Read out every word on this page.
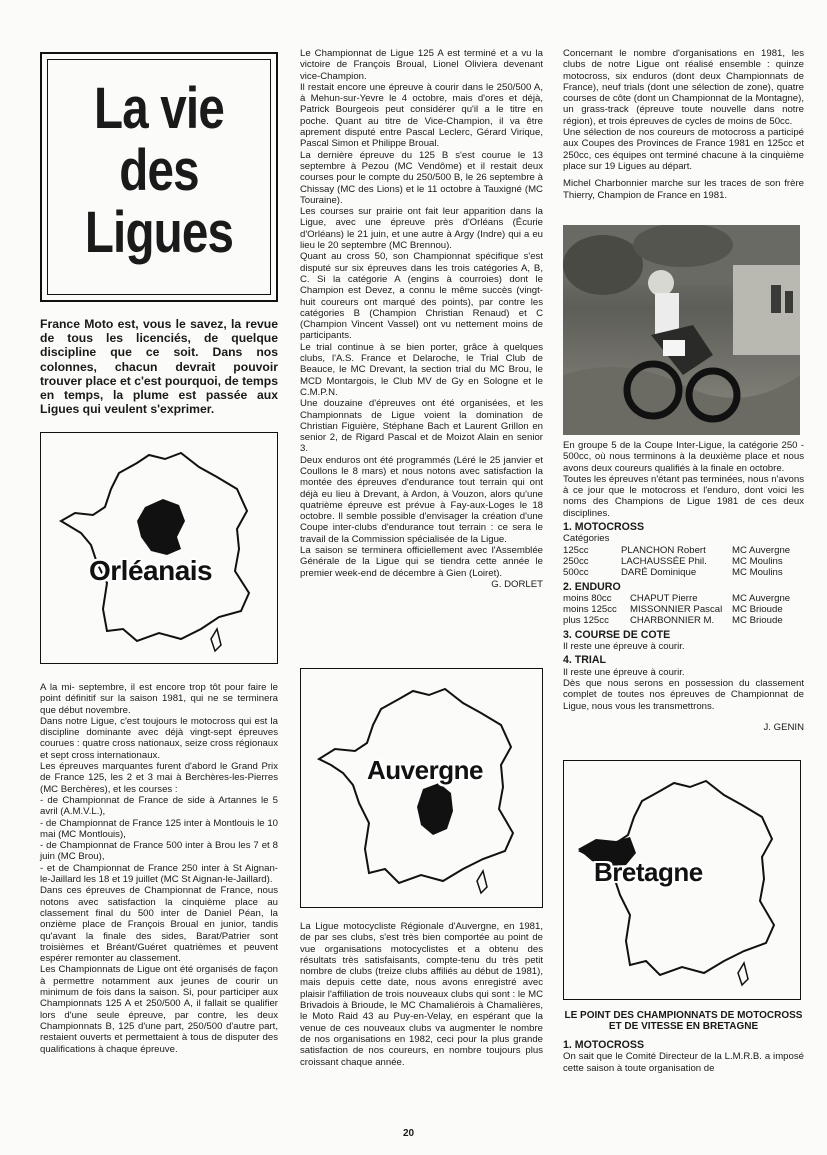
La vie
des
Ligues
France Moto est, vous le savez, la revue de tous les licenciés, de quelque discipline que ce soit. Dans nos colonnes, chacun devrait pouvoir trouver place et c'est pourquoi, de temps en temps, la plume est passée aux Ligues qui veulent s'exprimer.
Orléanais

A la mi- septembre, il est encore trop tôt pour faire le point définitif sur la saison 1981, qui ne se terminera que début novembre.

Dans notre Ligue, c'est toujours le motocross qui est la discipline dominante avec déjà vingt-sept épreuves courues : quatre cross nationaux, seize cross régionaux et sept cross internationaux.

Les épreuves marquantes furent d'abord le Grand Prix de France 125, les 2 et 3 mai à Berchères-les-Pierres (MC Berchères), et les courses :

- de Championnat de France de side à Artannes le 5 avril (A.M.V.L.),

- de Championnat de France 125 inter à Montlouis le 10 mai (MC Montlouis),

- de Championnat de France 500 inter à Brou les 7 et 8 juin (MC Brou),

- et de Championnat de France 250 inter à St Aignan-le-Jaillard les 18 et 19 juillet (MC St Aignan-le-Jaillard).

Dans ces épreuves de Championnat de France, nous notons avec satisfaction la cinquième place au classement final du 500 inter de Daniel Péan, la onzième place de François Broual en junior, tandis qu'avant la finale des sides, Barat/Patrier sont troisièmes et Bréant/Guéret quatrièmes et peuvent espérer remonter au classement.

Les Championnats de Ligue ont été organisés de façon à permettre notamment aux jeunes de courir un minimum de fois dans la saison. Si, pour participer aux Championnats 125 A et 250/500 A, il fallait se qualifier lors d'une seule épreuve, par contre, les deux Championnats B, 125 d'une part, 250/500 d'autre part, restaient ouverts et permettaient à tous de disputer des qualifications à chaque épreuve.

Le Championnat de Ligue 125 A est terminé et a vu la victoire de François Broual, Lionel Oliviera devenant vice-Champion.

Il restait encore une épreuve à courir dans le 250/500 A, à Mehun-sur-Yevre le 4 octobre, mais d'ores et déjà, Patrick Bourgeois peut considérer qu'il a le titre en poche. Quant au titre de Vice-Champion, il va être aprement disputé entre Pascal Leclerc, Gérard Virique, Pascal Simon et Philippe Broual.

La dernière épreuve du 125 B s'est courue le 13 septembre à Pezou (MC Vendôme) et il restait deux courses pour le compte du 250/500 B, le 26 septembre à Chissay (MC des Lions) et le 11 octobre à Tauxigné (MC Touraine).

Les courses sur prairie ont fait leur apparition dans la Ligue, avec une épreuve près d'Orléans (Écurie d'Orléans) le 21 juin, et une autre à Argy (Indre) qui a eu lieu le 20 septembre (MC Brennou).

Quant au cross 50, son Championnat spécifique s'est disputé sur six épreuves dans les trois catégories A, B, C. Si la catégorie A (engins à courroies) dont le Champion est Devez, a connu le même succès (vingt-huit coureurs ont marqué des points), par contre les catégories B (Champion Christian Renaud) et C (Champion Vincent Vassel) ont vu nettement moins de participants.

Le trial continue à se bien porter, grâce à quelques clubs, l'A.S. France et Delaroche, le Trial Club de Beauce, le MC Drevant, la section trial du MC Brou, le MCD Montargois, le Club MV de Gy en Sologne et le C.M.P.N.

Une douzaine d'épreuves ont été organisées, et les Championnats de Ligue voient la domination de Christian Figuière, Stéphane Bach et Laurent Grillon en senior 2, de Rigard Pascal et de Moizot Alain en senior 3.

Deux enduros ont été programmés (Léré le 25 janvier et Coullons le 8 mars) et nous notons avec satisfaction la montée des épreuves d'endurance tout terrain qui ont déjà eu lieu à Drevant, à Ardon, à Vouzon, alors qu'une quatrième épreuve est prévue à Fay-aux-Loges le 18 octobre. Il semble possible d'envisager la création d'une Coupe inter-clubs d'endurance tout terrain : ce sera le travail de la Commission spécialisée de la Ligue.

La saison se terminera officiellement avec l'Assemblée Générale de la Ligue qui se tiendra cette année le premier week-end de décembre à Gien (Loiret).

G. DORLET

Auvergne

La Ligue motocycliste Régionale d'Auvergne, en 1981, de par ses clubs, s'est très bien comportée au point de vue organisations motocyclistes et a obtenu des résultats très satisfaisants, compte-tenu du très petit nombre de clubs (treize clubs affiliés au début de 1981), mais depuis cette date, nous avons enregistré avec plaisir l'affiliation de trois nouveaux clubs qui sont : le MC Brivadois à Brioude, le MC Chamaliérois à Chamalières, le Moto Raid 43 au Puy-en-Velay, en espérant que la venue de ces nouveaux clubs va augmenter le nombre de nos organisations en 1982, ceci pour la plus grande satisfaction de nos coureurs, en nombre toujours plus croissant chaque année.

Concernant le nombre d'organisations en 1981, les clubs de notre Ligue ont réalisé ensemble : quinze motocross, six enduros (dont deux Championnats de France), neuf trials (dont une sélection de zone), quatre courses de côte (dont un Championnat de la Montagne), un grass-track (épreuve toute nouvelle dans notre région), et trois épreuves de cycles de moins de 50cc.

Une sélection de nos coureurs de motocross a participé aux Coupes des Provinces de France 1981 en 125cc et 250cc, ces équipes ont terminé chacune à la cinquième place sur 19 Ligues au départ.

Michel Charbonnier marche sur les traces de son frère Thierry, Champion de France en 1981.

En groupe 5 de la Coupe Inter-Ligue, la catégorie 250 - 500cc, où nous terminons à la deuxième place et nous avons deux coureurs qualifiés à la finale en octobre.

Toutes les épreuves n'étant pas terminées, nous n'avons à ce jour que le motocross et l'enduro, dont voici les noms des Champions de Ligue 1981 de ces deux disciplines.

1. MOTOCROSS
Catégories
125cc	PLANCHON Robert	MC Auvergne
250cc	LACHAUSSÉE Phil.	MC Moulins
500cc	DARÉ Dominique	MC Moulins
2. ENDURO
moins 80cc	CHAPUT Pierre	MC Auvergne
moins 125cc	MISSONNIER Pascal	MC Brioude
plus 125cc	CHARBONNIER M.	MC Brioude
3. COURSE DE COTE
Il reste une épreuve à courir.
4. TRIAL
Il reste une épreuve à courir.

Dès que nous serons en possession du classement complet de toutes nos épreuves de Championnat de Ligue, nous vous les transmettrons.

J. GENIN

Bretagne
LE POINT DES CHAMPIONNATS DE MOTOCROSS ET DE VITESSE EN BRETAGNE
1. MOTOCROSS

On sait que le Comité Directeur de la L.M.R.B. a imposé cette saison à toute organisation de

20
